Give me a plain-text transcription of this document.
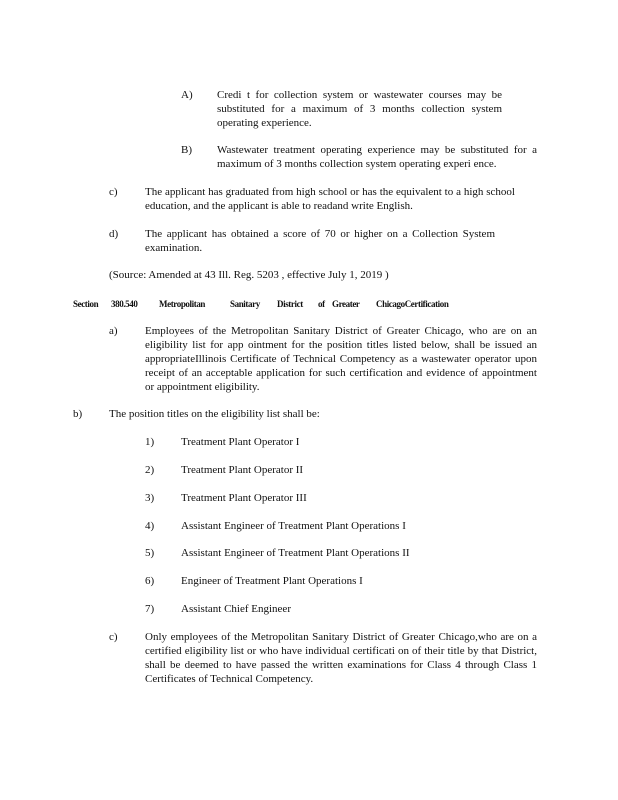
A) Credi t for collection system or wastewater courses may be substituted for a maximum of 3 months collection system operating experience.
B) Wastewater treatment operating experience may be substituted for a maximum of 3 months collection system operating experi ence.
c) The applicant has graduated from high school or has the equivalent to a high school education, and the applicant is able to readand write English.
d) The applicant has obtained a score of 70 or higher on a Collection System examination.
(Source: Amended at 43 Ill. Reg. 5203 , effective July 1, 2019 )
Section 380.540 Metropolitan	Sanitary District of Greater ChicagoCertification
a) Employees of the Metropolitan Sanitary District of Greater Chicago, who are on an eligibility list for app ointment for the position titles listed below, shall be issued an appropriateIllinois Certificate of Technical Competency as a wastewater operator upon receipt of an acceptable application for such certification and evidence of appointment or appointment eligibility.
b) The position titles on the eligibility list shall be:
1) Treatment Plant Operator I
2) Treatment Plant Operator II
3) Treatment Plant Operator III
4) Assistant Engineer of Treatment Plant Operations I
5) Assistant Engineer of Treatment Plant Operations II
6) Engineer of Treatment Plant Operations I
7) Assistant Chief Engineer
c) Only employees of the Metropolitan Sanitary District of Greater Chicago,who are on a certified eligibility list or who have individual certificati on of their title by that District, shall be deemed to have passed the written examinations for Class 4 through Class 1 Certificates of Technical Competency.
